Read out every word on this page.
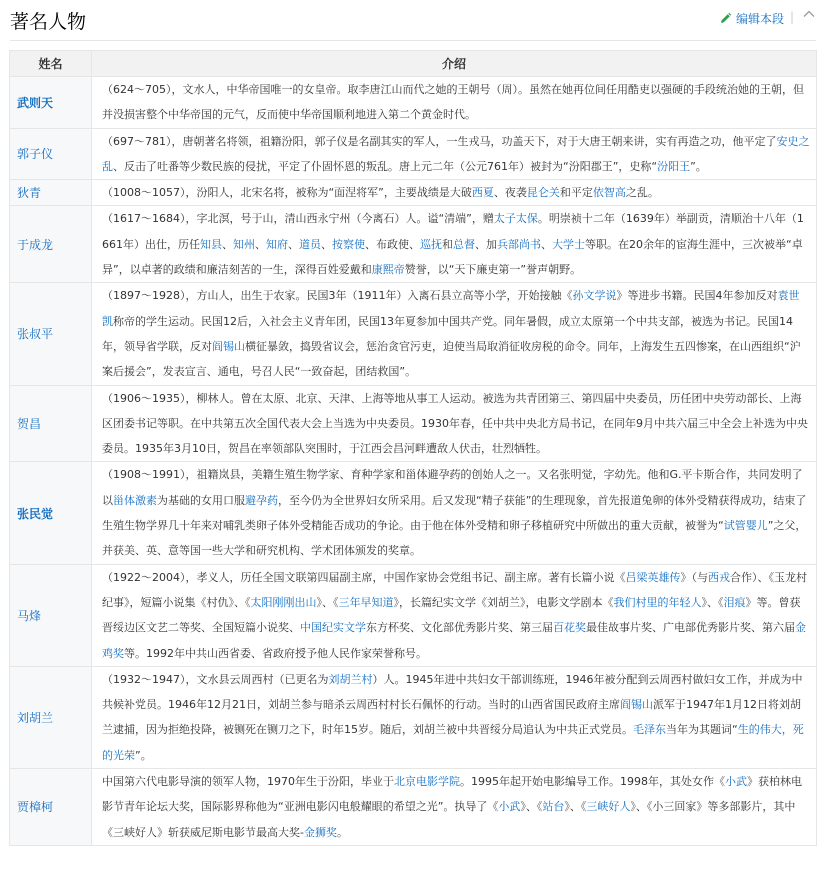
著名人物	编辑本段 |
姓名	介绍
武则天	（624～705），文水人，中华帝国唯一的女皇帝。取李唐江山而代之她的王朝号（周）。虽然在她再位间任用酷吏以强硬的手段统治她的王朝，但并没损害整个中华帝国的元气，反而使中华帝国顺利地进入第二个黄金时代。
郭子仪	（697～781），唐朝著名将领，祖籍汾阳，郭子仪是名副其实的军人，一生戎马，功盖天下，对于大唐王朝来讲，实有再造之功，他平定了安史之乱、反击了吐番等少数民族的侵扰，平定了仆固怀恩的叛乱。唐上元二年（公元761年）被封为“汾阳郡王”，史称“汾阳王”。
狄青	（1008～1057），汾阳人，北宋名将，被称为“面涅将军”，主要战绩是大破西夏、夜袭昆仑关和平定依智高之乱。
于成龙	（1617～1684），字北溟，号于山，清山西永宁州（今离石）人。谥“清端”，赠太子太保。明崇祯十二年（1639年）举副贡，清顺治十八年（1661年）出仕，历任知县、知州、知府、道员、按察使、布政使、巡抚和总督、加兵部尚书、大学士等职。在20余年的宦海生涯中，三次被举“卓异”，以卓著的政绩和廉洁刻苦的一生，深得百姓爱戴和康熙帝赞誉，以“天下廉吏第一”誉声朝野。
张叔平	（1897～1928），方山人，出生于农家。民国3年（1911年）入离石县立高等小学，开始接触《孙文学说》等进步书籍。民国4年参加反对袁世凯称帝的学生运动。民国12后，入社会主义青年团，民国13年夏参加中国共产党。同年暑假，成立太原第一个中共支部，被选为书记。民国14年，领导省学联，反对阎锡山横征暴敛，捣毁省议会，惩治贪官污吏，迫使当局取消征收房税的命令。同年，上海发生五四惨案，在山西组织“沪案后援会”，发表宣言、通电，号召人民“一致奋起，团结救国”。
贺昌	（1906～1935），柳林人。曾在太原、北京、天津、上海等地从事工人运动。被选为共青团第三、第四届中央委员，历任团中央劳动部长、上海区团委书记等职。在中共第五次全国代表大会上当选为中央委员。1930年春，任中共中央北方局书记，在同年9月中共六届三中全会上补选为中央委员。1935年3月10日，贺昌在率领部队突围时，于江西会昌河畔遭敌人伏击，壮烈牺牲。
张民觉	（1908～1991），祖籍岚县，美籍生殖生物学家、育种学家和甾体避孕药的创始人之一。又名张明觉，字幼先。他和G.平卡斯合作，共同发明了以甾体激素为基础的女用口服避孕药，至今仍为全世界妇女所采用。后又发现“精子获能”的生理现象，首先报道兔卵的体外受精获得成功，结束了生殖生物学界几十年来对哺乳类卵子体外受精能否成功的争论。由于他在体外受精和卵子移植研究中所做出的重大贡献，被誉为“试管婴儿”之父，并获美、英、意等国一些大学和研究机构、学术团体颁发的奖章。
马烽	（1922～2004），孝义人，历任全国文联第四届副主席，中国作家协会党组书记、副主席。著有长篇小说《吕梁英雄传》（与西戎合作）、《玉龙村纪事》，短篇小说集《村仇》、《太阳刚刚出山》、《三年早知道》，长篇纪实文学《刘胡兰》，电影文学剧本《我们村里的年轻人》、《泪痕》等。曾获晋绥边区文艺二等奖、全国短篇小说奖、中国纪实文学东方杯奖、文化部优秀影片奖、第三届百花奖最佳故事片奖、广电部优秀影片奖、第六届金鸡奖等。1992年中共山西省委、省政府授予他人民作家荣誉称号。
刘胡兰	（1932～1947），文水县云周西村（已更名为刘胡兰村）人。1945年进中共妇女干部训练班，1946年被分配到云周西村做妇女工作，并成为中共候补党员。1946年12月21日，刘胡兰参与暗杀云周西村村长石佩怀的行动。当时的山西省国民政府主席阎锡山派军于1947年1月12日将刘胡兰逮捕，因为拒绝投降，被铡死在铡刀之下，时年15岁。随后，刘胡兰被中共晋绥分局追认为中共正式党员。毛泽东当年为其题词“生的伟大，死的光荣”。
贾樟柯	中国第六代电影导演的领军人物，1970年生于汾阳，毕业于北京电影学院。1995年起开始电影编导工作。1998年，其处女作《小武》获柏林电影节青年论坛大奖，国际影界称他为“亚洲电影闪电般耀眼的希望之光”。执导了《小武》、《站台》、《三峡好人》、《小三回家》等多部影片，其中《三峡好人》斩获威尼斯电影节最高大奖-金狮奖。
